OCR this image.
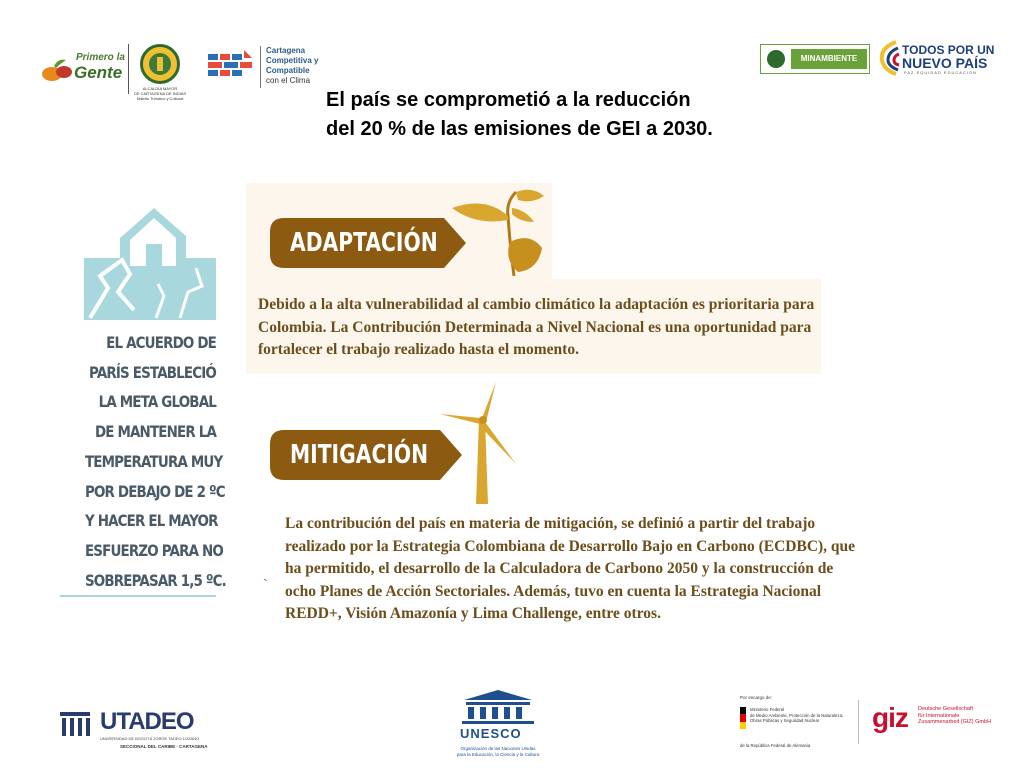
Primero la
Gente
ALCALDÍA MAYOR
DE CARTAGENA DE INDIAS
Distrito Turístico y Cultural
Cartagena
Competitiva y
Compatible
con el Clima
MINAMBIENTE
TODOS POR UN
NUEVO PAÍS
PAZ EQUIDAD EDUCACIÓN
El país se comprometió a la reducción
del 20 % de las emisiones de GEI a 2030.
EL ACUERDO DE
PARÍS ESTABLECIÓ
LA META GLOBAL
DE MANTENER LA
TEMPERATURA MUY
POR DEBAJO DE 2 ºC
Y HACER EL MAYOR
ESFUERZO PARA NO
SOBREPASAR 1,5 ºC.
ADAPTACIÓN
Debido a la alta vulnerabilidad al cambio climático la adaptación es prioritaria para Colombia. La Contribución Determinada a Nivel Nacional es una oportunidad para fortalecer el trabajo realizado hasta el momento.
MITIGACIÓN
La contribución del país en materia de mitigación, se definió a partir del trabajo realizado por la Estrategia Colombiana de Desarrollo Bajo en Carbono (ECDBC), que ha permitido, el desarrollo de la Calculadora de Carbono 2050 y la construcción de ocho Planes de Acción Sectoriales. Además, tuvo en cuenta la Estrategia Nacional REDD+, Visión Amazonía y Lima Challenge, entre otros.
`
UTADEO
UNIVERSIDAD DE BOGOTÁ JORGE TADEO LOZANO
SECCIONAL DEL CARIBE · CARTAGENA
UNESCO
Organización de las Naciones Unidas
para la Educación, la Ciencia y la Cultura
Por encargo de:
Ministerio Federal
de Medio Ambiente, Protección de la Naturaleza,
Obras Públicas y Seguridad Nuclear
de la República Federal de Alemania
giz Deutsche Gesellschaft
für Internationale
Zusammenarbeit (GIZ) GmbH
